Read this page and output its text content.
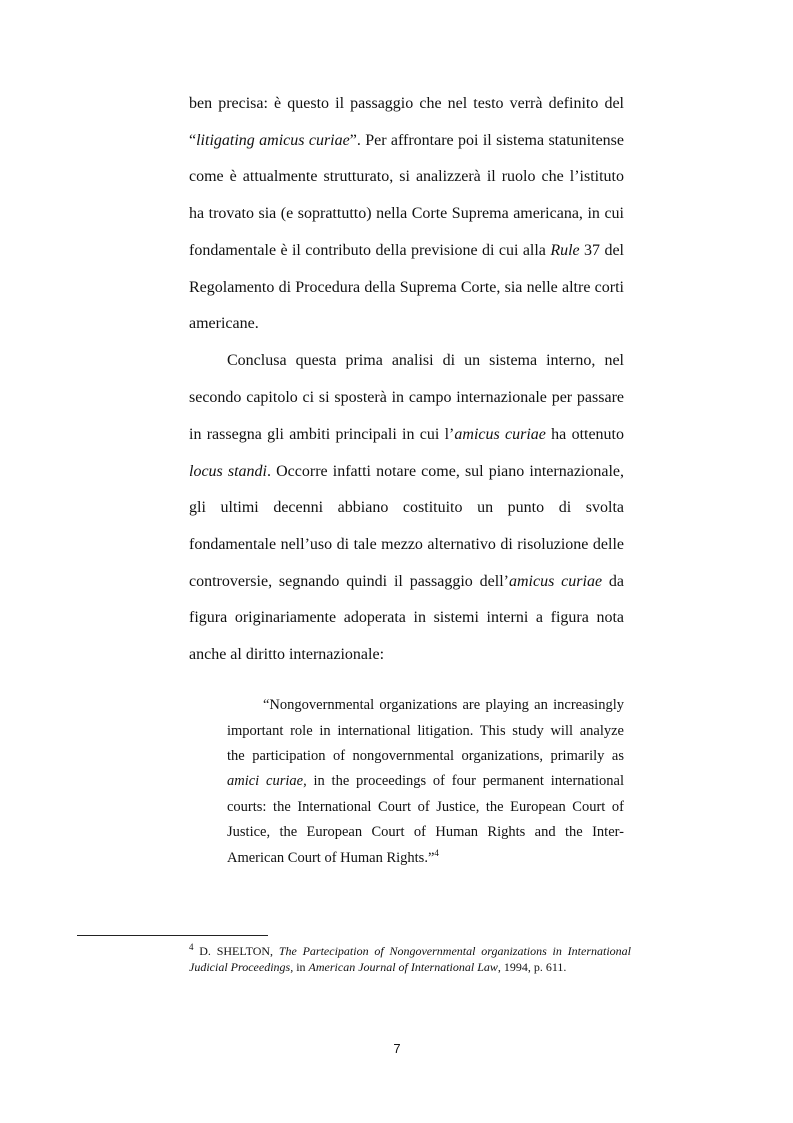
ben precisa: è questo il passaggio che nel testo verrà definito del
“litigating amicus curiae”. Per affrontare poi il sistema statunitense
come è attualmente strutturato, si analizzerà il ruolo che l’istituto
ha trovato sia (e soprattutto) nella Corte Suprema americana, in cui
fondamentale è il contributo della previsione di cui alla Rule 37 del
Regolamento di Procedura della Suprema Corte, sia nelle altre corti
americane.
Conclusa questa prima analisi di un sistema interno, nel
secondo capitolo ci si sposterà in campo internazionale per passare
in rassegna gli ambiti principali in cui l’amicus curiae ha ottenuto
locus standi. Occorre infatti notare come, sul piano internazionale,
gli ultimi decenni abbiano costituito un punto di svolta
fondamentale nell’uso di tale mezzo alternativo di risoluzione delle
controversie, segnando quindi il passaggio dell’amicus curiae da
figura originariamente adoperata in sistemi interni a figura nota
anche al diritto internazionale:
“Nongovernmental organizations are playing an increasingly
important role in international litigation. This study will analyze
the participation of nongovernmental organizations, primarily as
amici curiae, in the proceedings of four permanent international
courts: the International Court of Justice, the European Court of
Justice, the European Court of Human Rights and the Inter-
American Court of Human Rights.”$^4$
$^4$ D. SHELTON, The Partecipation of Nongovernmental organizations in International
Judicial Proceedings, in American Journal of International Law, 1994, p. 611.
7
